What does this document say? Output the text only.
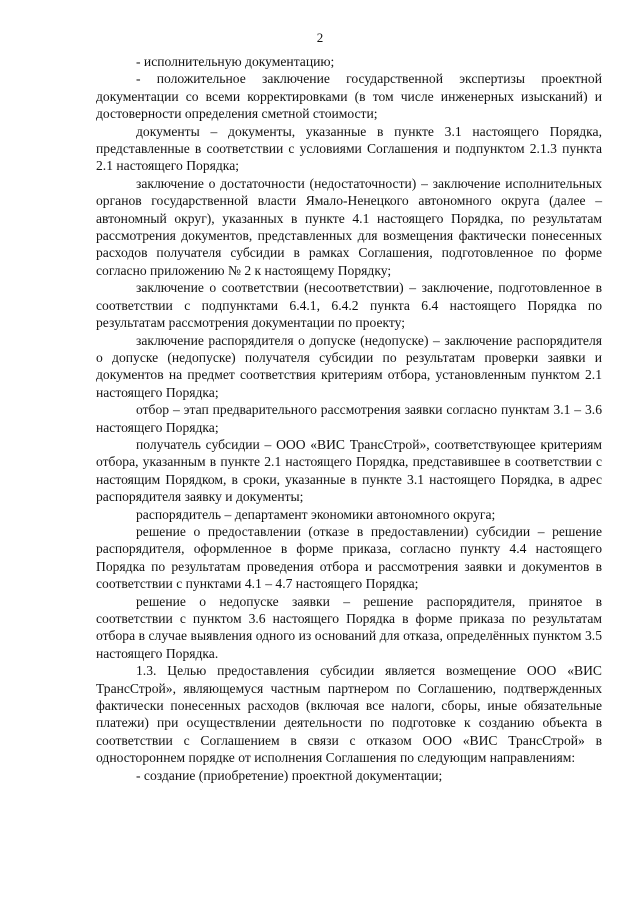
2

- исполнительную документацию;

- положительное заключение государственной экспертизы проектной документации со всеми корректировками (в том числе инженерных изысканий) и достоверности определения сметной стоимости;

документы – документы, указанные в пункте 3.1 настоящего Порядка, представленные в соответствии с условиями Соглашения и подпунктом 2.1.3 пункта 2.1 настоящего Порядка;

заключение о достаточности (недостаточности) – заключение исполнительных органов государственной власти Ямало-Ненецкого автономного округа (далее – автономный округ), указанных в пункте 4.1 настоящего Порядка, по результатам рассмотрения документов, представленных для возмещения фактически понесенных расходов получателя субсидии в рамках Соглашения, подготовленное по форме согласно приложению № 2 к настоящему Порядку;

заключение о соответствии (несоответствии) – заключение, подготовленное в соответствии с подпунктами 6.4.1, 6.4.2 пункта 6.4 настоящего Порядка по результатам рассмотрения документации по проекту;

заключение распорядителя о допуске (недопуске) – заключение распорядителя о допуске (недопуске) получателя субсидии по результатам проверки заявки и документов на предмет соответствия критериям отбора, установленным пунктом 2.1 настоящего Порядка;

отбор – этап предварительного рассмотрения заявки согласно пунктам 3.1 – 3.6 настоящего Порядка;

получатель субсидии – ООО «ВИС ТрансСтрой», соответствующее критериям отбора, указанным в пункте 2.1 настоящего Порядка, представившее в соответствии с настоящим Порядком, в сроки, указанные в пункте 3.1 настоящего Порядка, в адрес распорядителя заявку и документы;

распорядитель – департамент экономики автономного округа;

решение о предоставлении (отказе в предоставлении) субсидии – решение распорядителя, оформленное в форме приказа, согласно пункту 4.4 настоящего Порядка по результатам проведения отбора и рассмотрения заявки и документов в соответствии с пунктами 4.1 – 4.7 настоящего Порядка;

решение о недопуске заявки – решение распорядителя, принятое в соответствии с пунктом 3.6 настоящего Порядка в форме приказа по результатам отбора в случае выявления одного из оснований для отказа, определённых пунктом 3.5 настоящего Порядка.

1.3. Целью предоставления субсидии является возмещение ООО «ВИС ТрансСтрой», являющемуся частным партнером по Соглашению, подтвержденных фактически понесенных расходов (включая все налоги, сборы, иные обязательные платежи) при осуществлении деятельности по подготовке к созданию объекта в соответствии с Соглашением в связи с отказом ООО «ВИС ТрансСтрой» в одностороннем порядке от исполнения Соглашения по следующим направлениям:

- создание (приобретение) проектной документации;
